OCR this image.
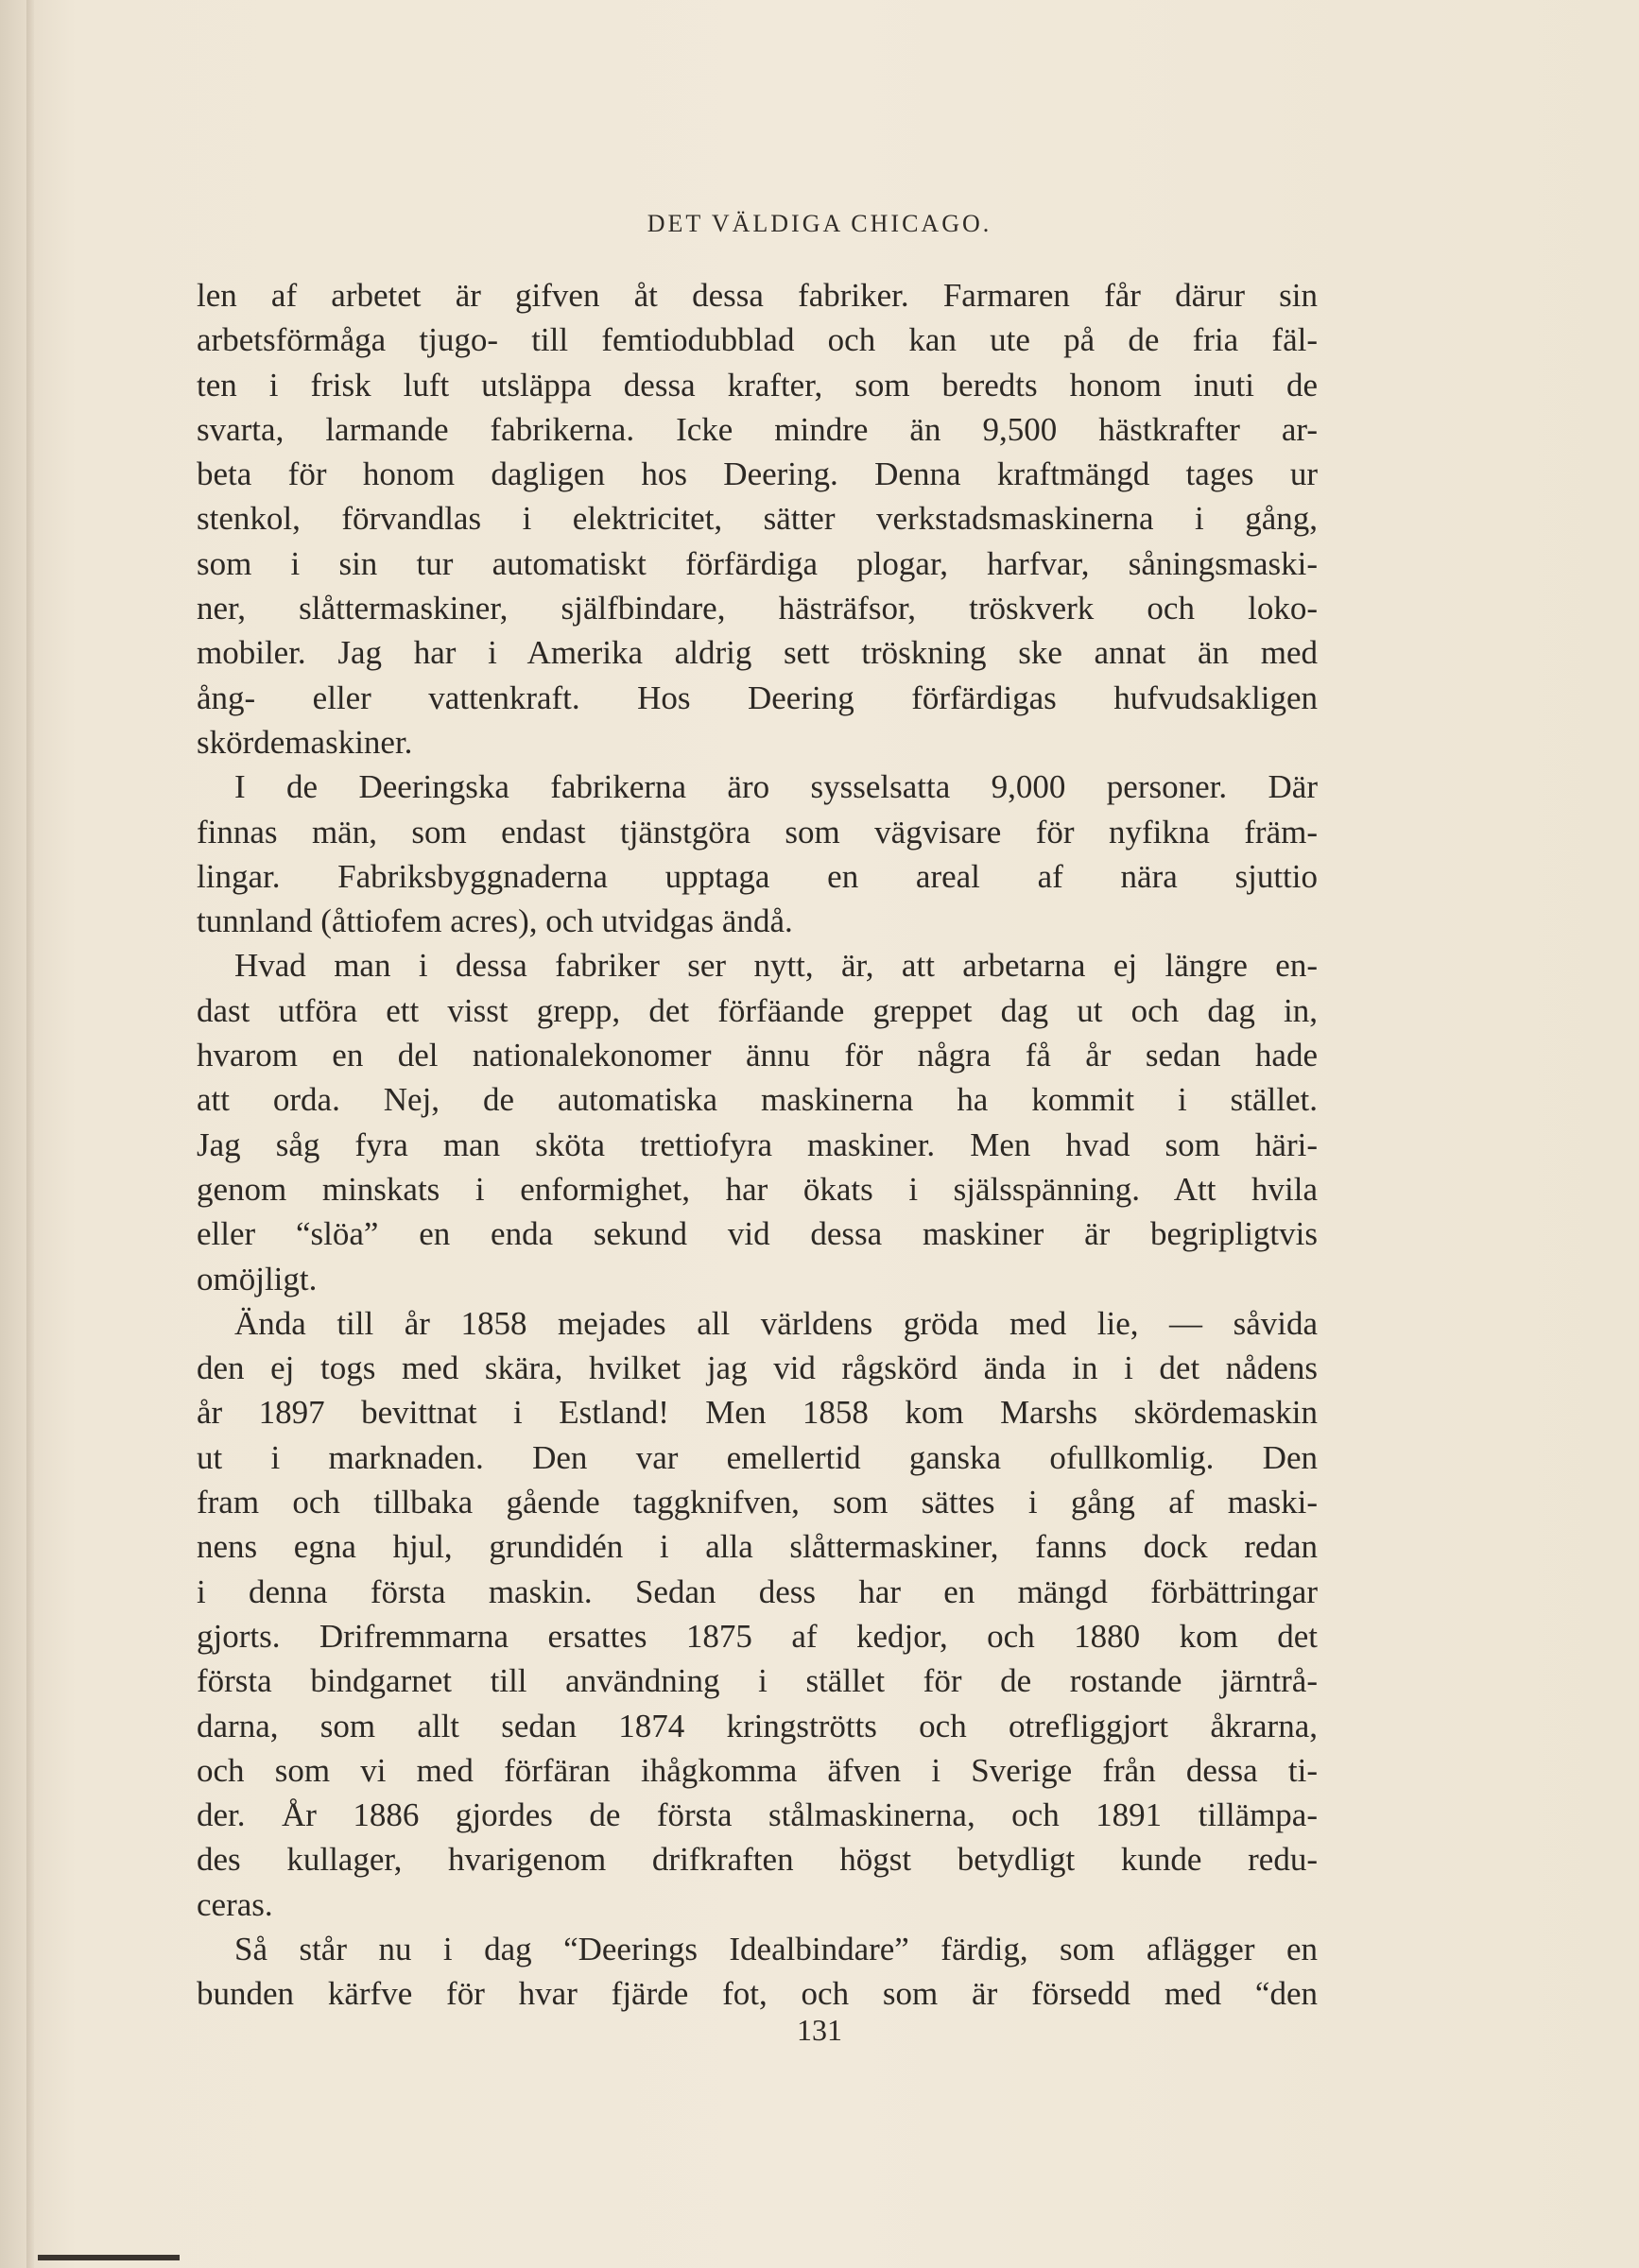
DET VÄLDIGA CHICAGO.
len af arbetet är gifven åt dessa fabriker. Farmaren får därur sin
arbetsförmåga tjugo- till femtiodubblad och kan ute på de fria fäl-
ten i frisk luft utsläppa dessa krafter, som beredts honom inuti de
svarta, larmande fabrikerna. Icke mindre än 9,500 hästkrafter ar-
beta för honom dagligen hos Deering. Denna kraftmängd tages ur
stenkol, förvandlas i elektricitet, sätter verkstadsmaskinerna i gång,
som i sin tur automatiskt förfärdiga plogar, harfvar, såningsmaski-
ner, slåttermaskiner, själfbindare, hästräfsor, tröskverk och loko-
mobiler. Jag har i Amerika aldrig sett tröskning ske annat än med
ång- eller vattenkraft. Hos Deering förfärdigas hufvudsakligen
skördemaskiner.
I de Deeringska fabrikerna äro sysselsatta 9,000 personer. Där
finnas män, som endast tjänstgöra som vägvisare för nyfikna främ-
lingar. Fabriksbyggnaderna upptaga en areal af nära sjuttio
tunnland (åttiofem acres), och utvidgas ändå.
Hvad man i dessa fabriker ser nytt, är, att arbetarna ej längre en-
dast utföra ett visst grepp, det förfäande greppet dag ut och dag in,
hvarom en del nationalekonomer ännu för några få år sedan hade
att orda. Nej, de automatiska maskinerna ha kommit i stället.
Jag såg fyra man sköta trettiofyra maskiner. Men hvad som häri-
genom minskats i enformighet, har ökats i själsspänning. Att hvila
eller “slöa” en enda sekund vid dessa maskiner är begripligtvis
omöjligt.
Ända till år 1858 mejades all världens gröda med lie, — såvida
den ej togs med skära, hvilket jag vid rågskörd ända in i det nådens
år 1897 bevittnat i Estland! Men 1858 kom Marshs skördemaskin
ut i marknaden. Den var emellertid ganska ofullkomlig. Den
fram och tillbaka gående taggknifven, som sättes i gång af maski-
nens egna hjul, grundidén i alla slåttermaskiner, fanns dock redan
i denna första maskin. Sedan dess har en mängd förbättringar
gjorts. Drifremmarna ersattes 1875 af kedjor, och 1880 kom det
första bindgarnet till användning i stället för de rostande järntrå-
darna, som allt sedan 1874 kringströtts och otrefliggjort åkrarna,
och som vi med förfäran ihågkomma äfven i Sverige från dessa ti-
der. År 1886 gjordes de första stålmaskinerna, och 1891 tillämpa-
des kullager, hvarigenom drifkraften högst betydligt kunde redu-
ceras.
Så står nu i dag “Deerings Idealbindare” färdig, som aflägger en
bunden kärfve för hvar fjärde fot, och som är försedd med “den
131
